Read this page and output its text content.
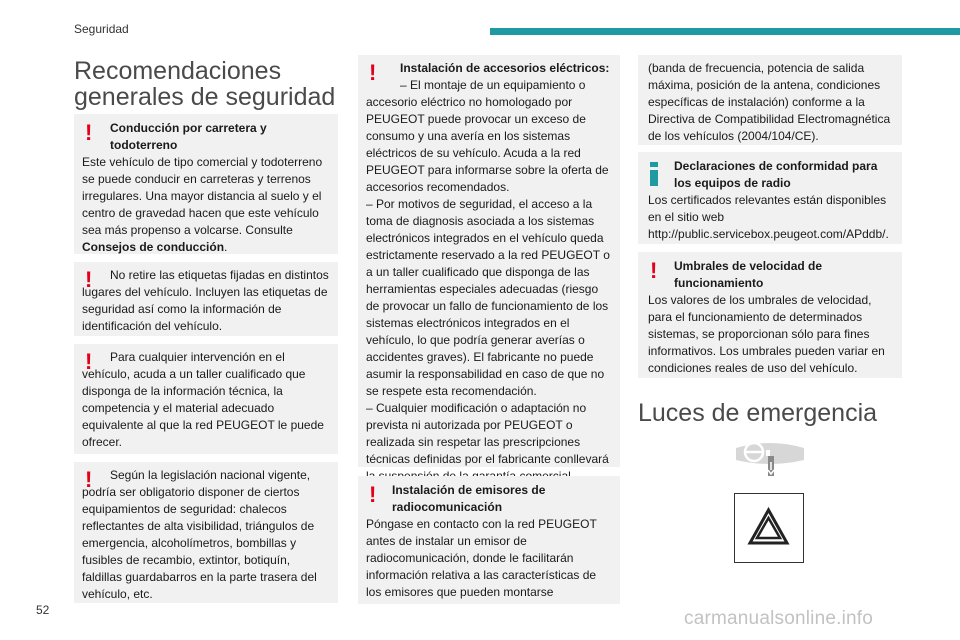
Seguridad
Recomendaciones generales de seguridad
!	Conducción por carretera y todoterreno

Este vehículo de tipo comercial y todoterreno se puede conducir en carreteras y terrenos irregulares. Una mayor distancia al suelo y el centro de gravedad hacen que este vehículo sea más propenso a volcarse. Consulte Consejos de conducción.

!	No retire las etiquetas fijadas en distintos lugares del vehículo. Incluyen las etiquetas de seguridad así como la información de identificación del vehículo.

!	Para cualquier intervención en el vehículo, acuda a un taller cualificado que disponga de la información técnica, la competencia y el material adecuado equivalente al que la red PEUGEOT le puede ofrecer.

!	Según la legislación nacional vigente, podría ser obligatorio disponer de ciertos equipamientos de seguridad: chalecos reflectantes de alta visibilidad, triángulos de emergencia, alcoholímetros, bombillas y fusibles de recambio, extintor, botiquín, faldillas guardabarros en la parte trasera del vehículo, etc.

!	Instalación de accesorios eléctricos:

– El montaje de un equipamiento o accesorio eléctrico no homologado por PEUGEOT puede provocar un exceso de consumo y una avería en los sistemas eléctricos de su vehículo. Acuda a la red PEUGEOT para informarse sobre la oferta de accesorios recomendados.

– Por motivos de seguridad, el acceso a la toma de diagnosis asociada a los sistemas electrónicos integrados en el vehículo queda estrictamente reservado a la red PEUGEOT o a un taller cualificado que disponga de las herramientas especiales adecuadas (riesgo de provocar un fallo de funcionamiento de los sistemas electrónicos integrados en el vehículo, lo que podría generar averías o accidentes graves). El fabricante no puede asumir la responsabilidad en caso de que no se respete esta recomendación.

– Cualquier modificación o adaptación no prevista ni autorizada por PEUGEOT o realizada sin respetar las prescripciones técnicas definidas por el fabricante conllevará

!	Instalación de emisores de radiocomunicación

Póngase en contacto con la red PEUGEOT antes de instalar un emisor de radiocomunicación, donde le facilitarán información relativa a las características de los emisores que pueden montarse

(banda de frecuencia, potencia de salida máxima, posición de la antena, condiciones específicas de instalación) conforme a la Directiva de Compatibilidad Electromagnética de los vehículos (2004/104/CE).

Declaraciones de conformidad para los equipos de radio

Los certificados relevantes están disponibles en el sitio web http://public.servicebox.peugeot.com/APddb/.

!	Umbrales de velocidad de funcionamiento

Los valores de los umbrales de velocidad, para el funcionamiento de determinados sistemas, se proporcionan sólo para fines informativos. Los umbrales pueden variar en condiciones reales de uso del vehículo.

Luces de emergencia
52	carmanualsonline.info
